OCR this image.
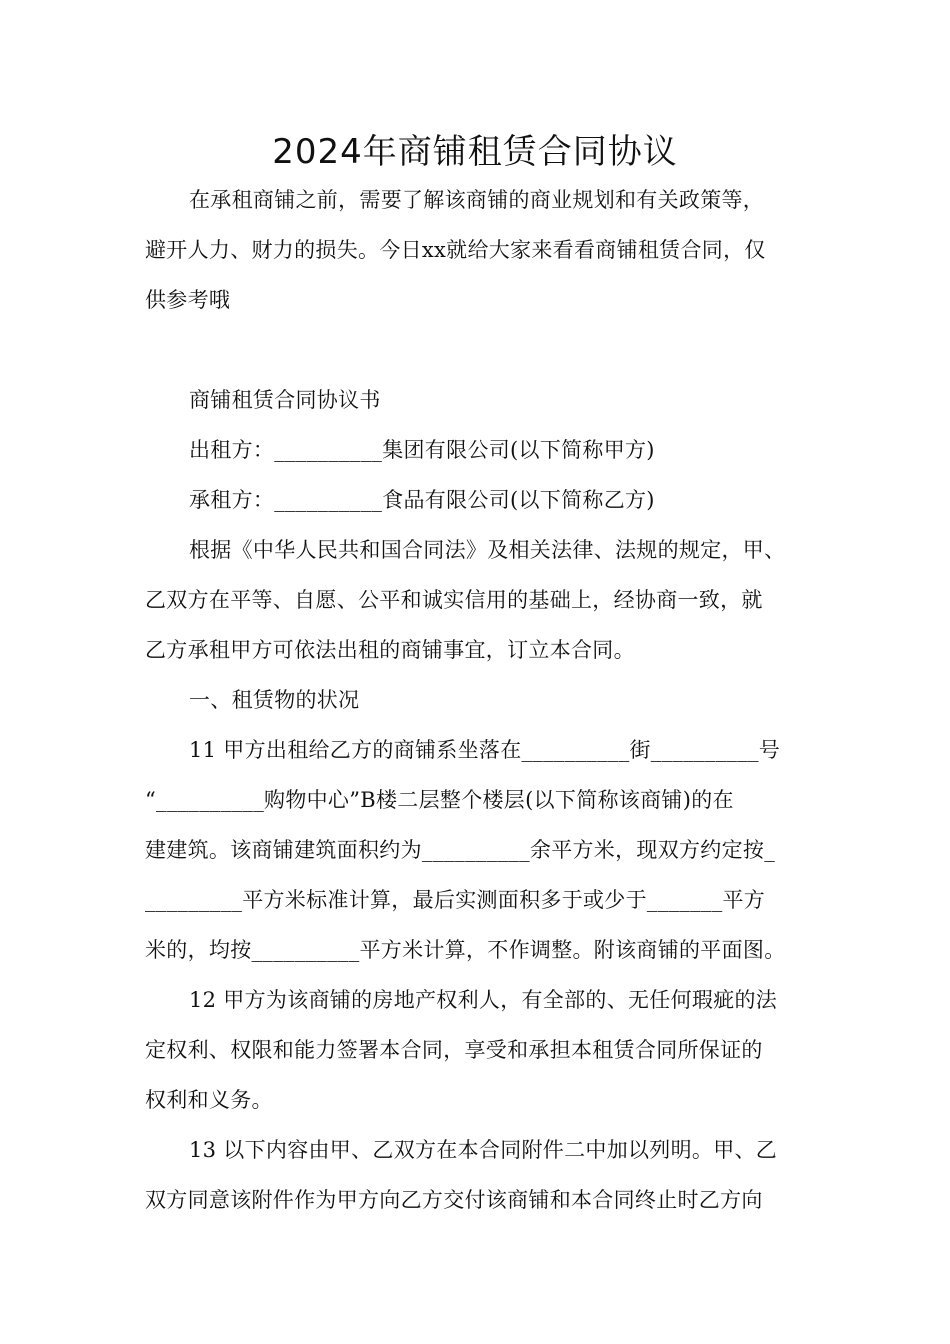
2024年商铺租赁合同协议
在承租商铺之前，需要了解该商铺的商业规划和有关政策等，
避开人力、财力的损失。今日xx就给大家来看看商铺租赁合同，仅
供参考哦
商铺租赁合同协议书
出租方：__________集团有限公司(以下简称甲方)
承租方：__________食品有限公司(以下简称乙方)
根据《中华人民共和国合同法》及相关法律、法规的规定，甲、
乙双方在平等、自愿、公平和诚实信用的基础上，经协商一致，就
乙方承租甲方可依法出租的商铺事宜，订立本合同。
一、租赁物的状况
11 甲方出租给乙方的商铺系坐落在__________街__________号
“__________购物中心”B楼二层整个楼层(以下简称该商铺)的在
建建筑。该商铺建筑面积约为__________余平方米，现双方约定按_
_________平方米标准计算，最后实测面积多于或少于_______平方
米的，均按__________平方米计算，不作调整。附该商铺的平面图。
12 甲方为该商铺的房地产权利人，有全部的、无任何瑕疵的法
定权利、权限和能力签署本合同，享受和承担本租赁合同所保证的
权利和义务。
13 以下内容由甲、乙双方在本合同附件二中加以列明。甲、乙
双方同意该附件作为甲方向乙方交付该商铺和本合同终止时乙方向
